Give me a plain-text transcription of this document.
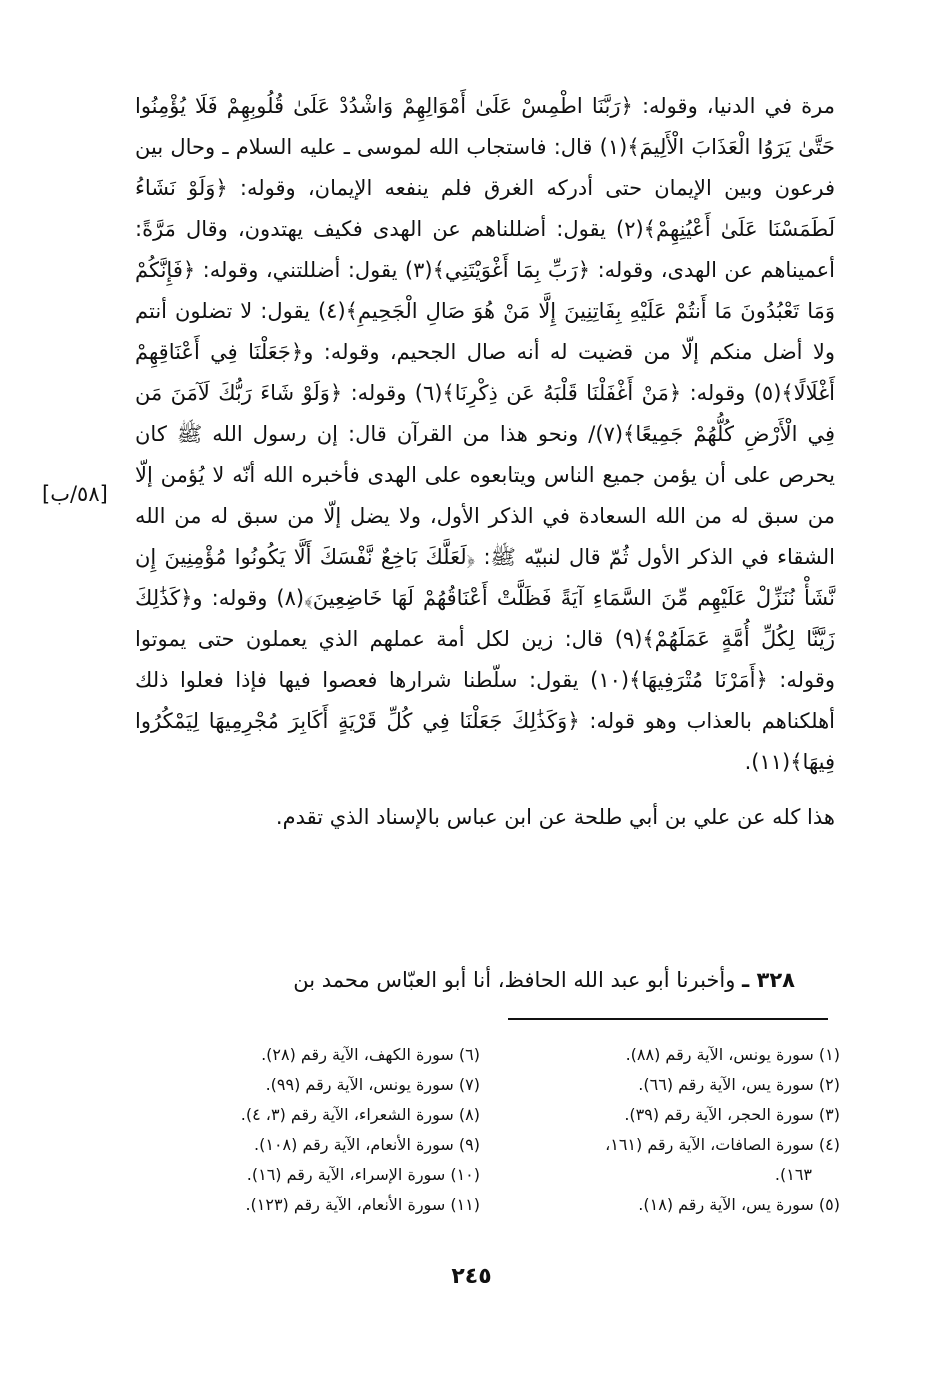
مرة في الدنيا، وقوله: ﴿رَبَّنَا اطْمِسْ عَلَىٰ أَمْوَالِهِمْ وَاشْدُدْ عَلَىٰ قُلُوبِهِمْ فَلَا يُؤْمِنُوا حَتَّىٰ يَرَوُا الْعَذَابَ الْأَلِيمَ﴾(١) قال: فاستجاب الله لموسى ـ عليه السلام ـ وحال بين فرعون وبين الإيمان حتى أدركه الغرق فلم ينفعه الإيمان، وقوله: ﴿وَلَوْ نَشَاءُ لَطَمَسْنَا عَلَىٰ أَعْيُنِهِمْ﴾(٢) يقول: أضللناهم عن الهدى فكيف يهتدون، وقال مَرَّةً: أعميناهم عن الهدى، وقوله: ﴿رَبِّ بِمَا أَغْوَيْتَنِي﴾(٣) يقول: أضللتني، وقوله: ﴿فَإِنَّكُمْ وَمَا تَعْبُدُونَ مَا أَنتُمْ عَلَيْهِ بِفَاتِنِينَ إِلَّا مَنْ هُوَ صَالِ الْجَحِيمِ﴾(٤) يقول: لا تضلون أنتم ولا أضل منكم إلّا من قضيت له أنه صال الجحيم، وقوله: و﴿جَعَلْنَا فِي أَعْنَاقِهِمْ أَغْلَالًا﴾(٥) وقوله: ﴿مَنْ أَغْفَلْنَا قَلْبَهُ عَن ذِكْرِنَا﴾(٦) وقوله: ﴿وَلَوْ شَاءَ رَبُّكَ لَآمَنَ مَن فِي الْأَرْضِ كُلُّهُمْ جَمِيعًا﴾(٧)/ ونحو هذا من القرآن قال: إن رسول الله ﷺ كان يحرص على أن يؤمن جميع الناس ويتابعوه على الهدى فأخبره الله أنّه لا يُؤمن إلّا من سبق له من الله السعادة في الذكر الأول، ولا يضل إلّا من سبق له من الله الشقاء في الذكر الأول ثُمّ قال لنبيّه ﷺ: ﴿لَعَلَّكَ بَاخِعٌ نَّفْسَكَ أَلَّا يَكُونُوا مُؤْمِنِينَ إِن نَّشَأْ نُنَزِّلْ عَلَيْهِم مِّنَ السَّمَاءِ آيَةً فَظَلَّتْ أَعْنَاقُهُمْ لَهَا خَاضِعِينَ﴾(٨) وقوله: و﴿كَذَٰلِكَ زَيَّنَّا لِكُلِّ أُمَّةٍ عَمَلَهُمْ﴾(٩) قال: زين لكل أمة عملهم الذي يعملون حتى يموتوا وقوله: ﴿أَمَرْنَا مُتْرَفِيهَا﴾(١٠) يقول: سلّطنا شرارها فعصوا فيها فإذا فعلوا ذلك أهلكناهم بالعذاب وهو قوله: ﴿وَكَذَٰلِكَ جَعَلْنَا فِي كُلِّ قَرْيَةٍ أَكَابِرَ مُجْرِمِيهَا لِيَمْكُرُوا فِيهَا﴾(١١).

هذا كله عن علي بن أبي طلحة عن ابن عباس بالإسناد الذي تقدم.

[٥٨/ب]
٣٢٨ ـ وأخبرنا أبو عبد الله الحافظ، أنا أبو العبّاس محمد بن
(١) سورة يونس، الآية رقم (٨٨).
(٢) سورة يس، الآية رقم (٦٦).
(٣) سورة الحجر، الآية رقم (٣٩).
(٤) سورة الصافات، الآية رقم (١٦١،
١٦٣).
(٥) سورة يس، الآية رقم (١٨).
(٦) سورة الكهف، الآية رقم (٢٨).
(٧) سورة يونس، الآية رقم (٩٩).
(٨) سورة الشعراء، الآية رقم (٣، ٤).
(٩) سورة الأنعام، الآية رقم (١٠٨).
(١٠) سورة الإسراء، الآية رقم (١٦).
(١١) سورة الأنعام، الآية رقم (١٢٣).
٢٤٥
